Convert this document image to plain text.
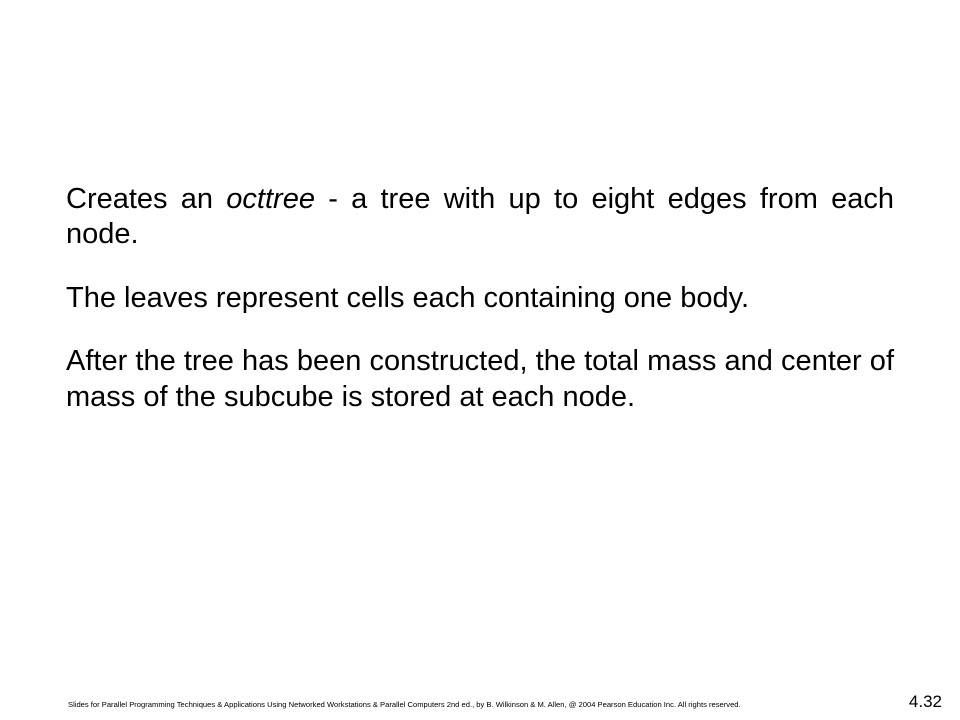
Creates an octtree - a tree with up to eight edges from each node.

The leaves represent cells each containing one body.

After the tree has been constructed, the total mass and center of mass of the subcube is stored at each node.

Slides for Parallel Programming Techniques & Applications Using Networked Workstations & Parallel Computers 2nd ed., by B. Wilkinson & M. Allen, @ 2004 Pearson Education Inc. All rights reserved.	4.32
